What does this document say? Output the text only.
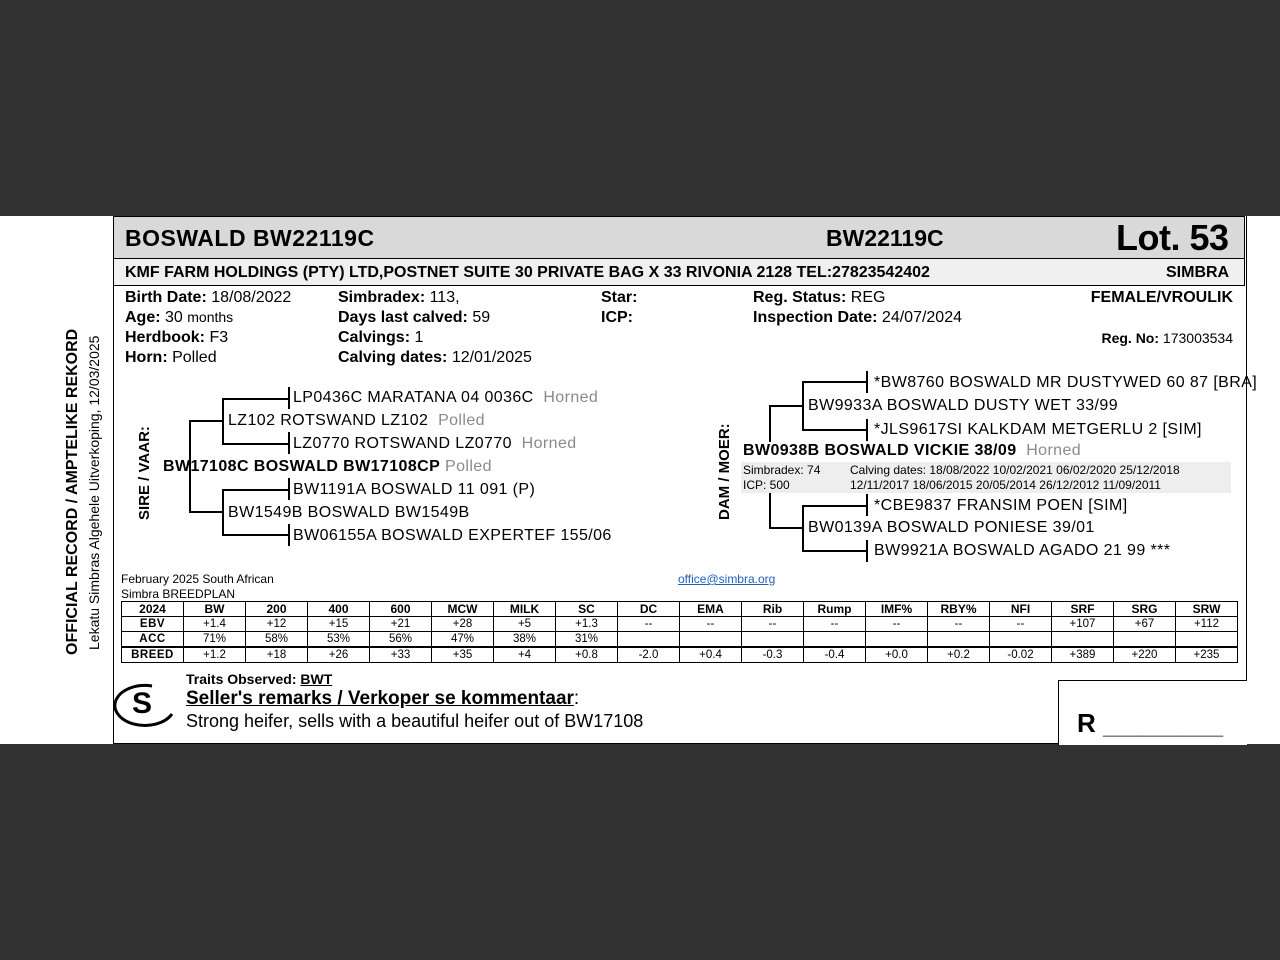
OFFICIAL RECORD / AMPTELIKE REKORD Lekatu Simbras Algehele Uitverkoping, 12/03/2025
BOSWALD BW22119C	BW22119C	Lot. 53
KMF FARM HOLDINGS (PTY) LTD,POSTNET SUITE 30 PRIVATE BAG X 33 RIVONIA 2128 TEL:27823542402	SIMBRA
Birth Date: 18/08/2022
Age: 30 months
Herdbook: F3
Horn: Polled
Simbradex: 113,
Days last calved: 59
Calvings: 1
Calving dates: 12/01/2025
Star:
ICP:
Reg. Status: REG
Inspection Date: 24/07/2024
FEMALE/VROULIK
Reg. No: 173003534
SIRE / VAAR:
LP0436C MARATANA 04 0036C Horned
LZ102 ROTSWAND LZ102 Polled
LZ0770 ROTSWAND LZ0770 Horned
BW17108C BOSWALD BW17108CP Polled
BW1191A BOSWALD 11 091 (P)
BW1549B BOSWALD BW1549B
BW06155A BOSWALD EXPERTEF 155/06
DAM / MOER:
*BW8760 BOSWALD MR DUSTYWED 60 87 [BRA]
BW9933A BOSWALD DUSTY WET 33/99
*JLS9617SI KALKDAM METGERLU 2 [SIM]
BW0938B BOSWALD VICKIE 38/09 Horned
Simbradex: 74
ICP: 500
Calving dates: 18/08/2022 10/02/2021 06/02/2020 25/12/2018
12/11/2017 18/06/2015 20/05/2014 26/12/2012 11/09/2011
*CBE9837 FRANSIM POEN [SIM]
BW0139A BOSWALD PONIESE 39/01
BW9921A BOSWALD AGADO 21 99 ***
February 2025 South African
Simbra BREEDPLAN
office@simbra.org
2024	BW	200	400	600	MCW	MILK	SC	DC	EMA	Rib	Rump	IMF%	RBY%	NFI	SRF	SRG	SRW
EBV	+1.4	+12	+15	+21	+28	+5	+1.3	--	--	--	--	--	--	--	+107	+67	+112
ACC	71%	58%	53%	56%	47%	38%	31%										
BREED	+1.2	+18	+26	+33	+35	+4	+0.8	-2.0	+0.4	-0.3	-0.4	+0.0	+0.2	-0.02	+389	+220	+235
S
Traits Observed: BWT
Seller's remarks / Verkoper se kommentaar:
Strong heifer, sells with a beautiful heifer out of BW17108	R __________________
